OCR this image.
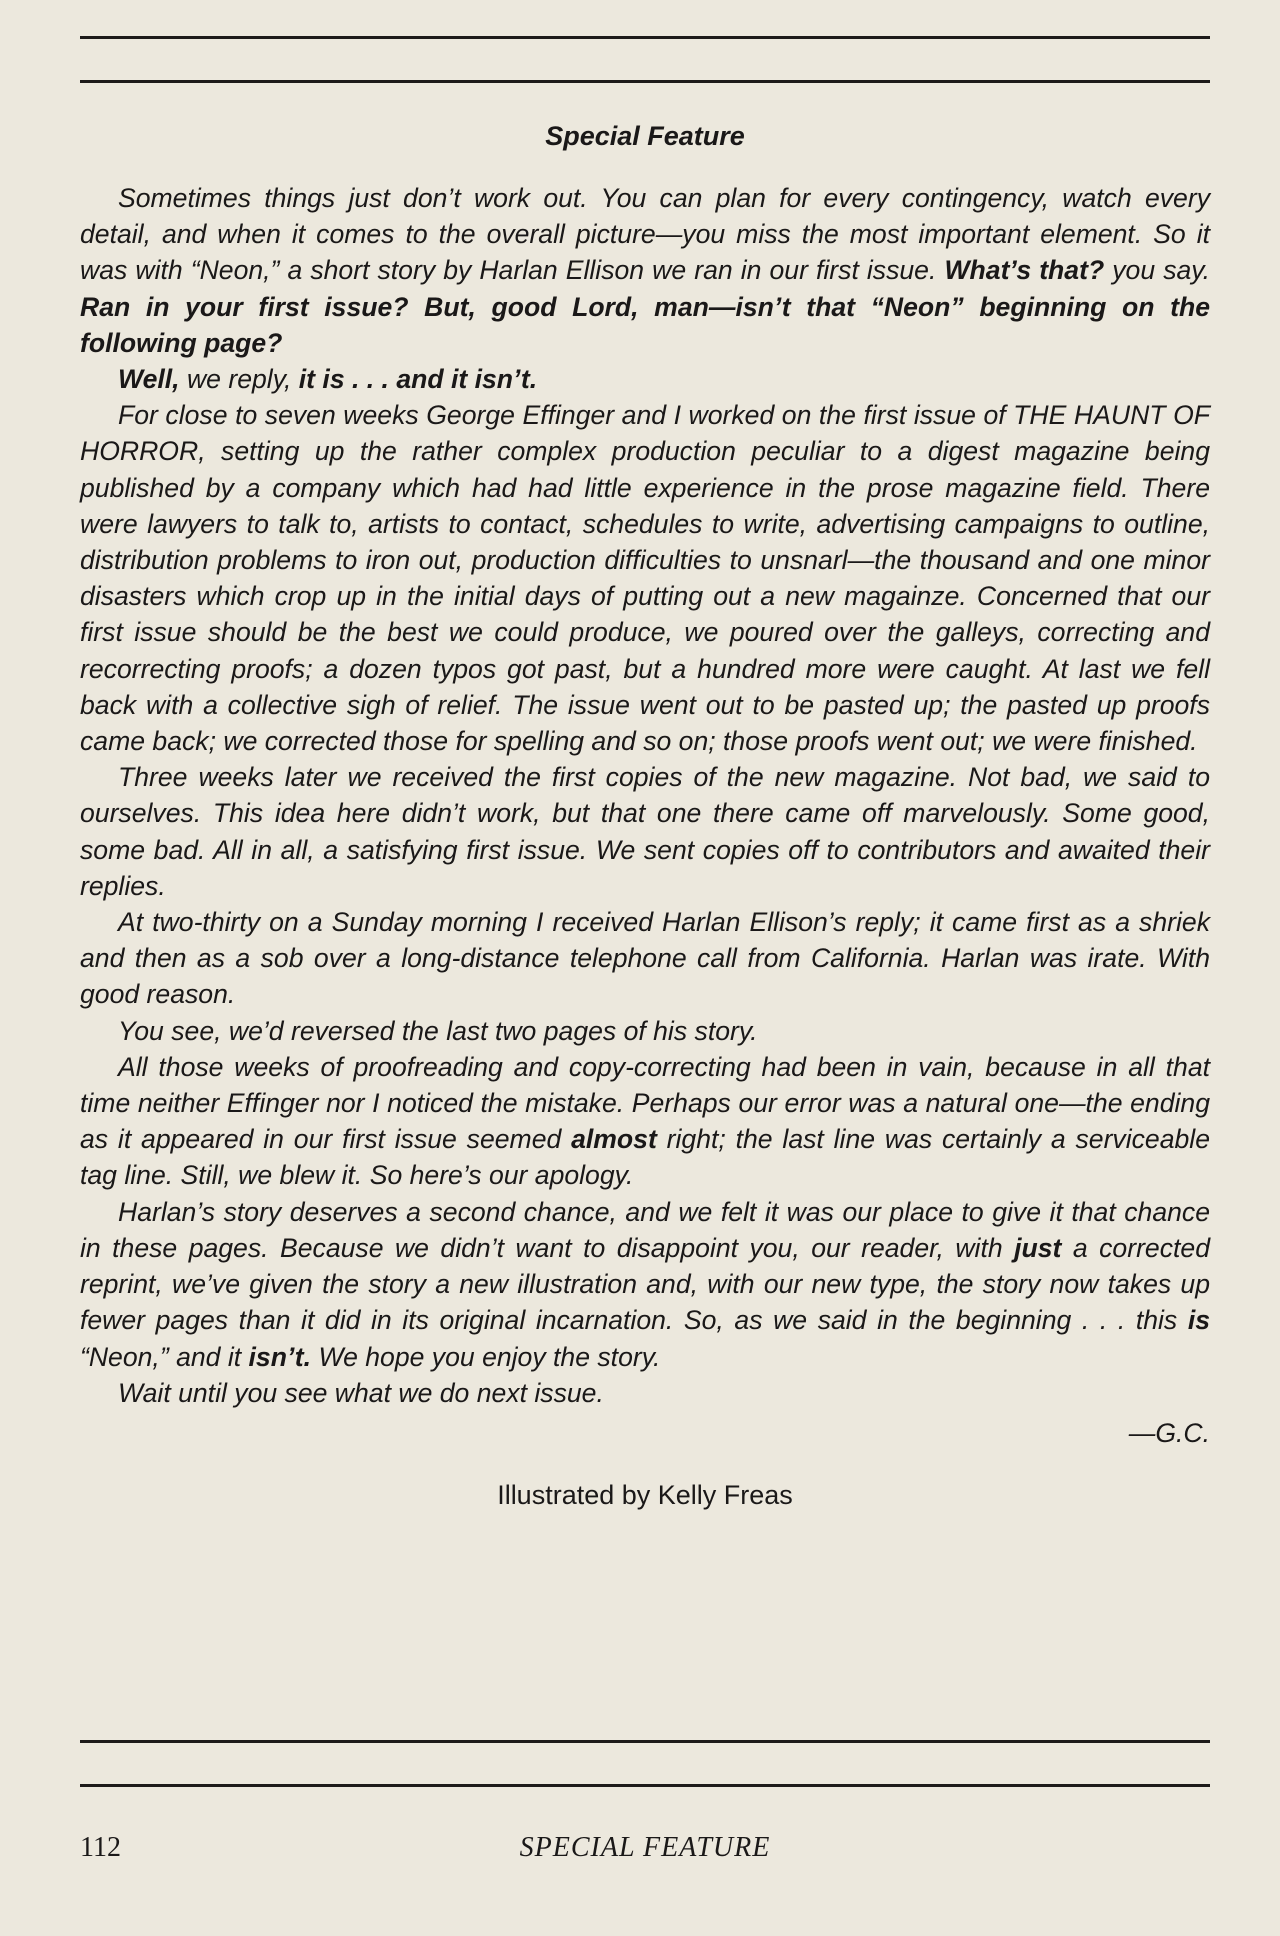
Special Feature

Sometimes things just don’t work out. You can plan for every contingency, watch every detail, and when it comes to the overall picture—you miss the most important element. So it was with “Neon,” a short story by Harlan Ellison we ran in our first issue. What’s that? you say. Ran in your first issue? But, good Lord, man—isn’t that “Neon” beginning on the following page?

Well, we reply, it is . . . and it isn’t.

For close to seven weeks George Effinger and I worked on the first issue of THE HAUNT OF HORROR, setting up the rather complex production peculiar to a digest magazine being published by a company which had had little experience in the prose magazine field. There were lawyers to talk to, artists to contact, schedules to write, advertising campaigns to outline, distribution problems to iron out, production difficulties to unsnarl—the thousand and one minor disasters which crop up in the initial days of putting out a new magainze. Concerned that our first issue should be the best we could produce, we poured over the galleys, correcting and recorrecting proofs; a dozen typos got past, but a hundred more were caught. At last we fell back with a collective sigh of relief. The issue went out to be pasted up; the pasted up proofs came back; we corrected those for spelling and so on; those proofs went out; we were finished.

Three weeks later we received the first copies of the new magazine. Not bad, we said to ourselves. This idea here didn’t work, but that one there came off marvelously. Some good, some bad. All in all, a satisfying first issue. We sent copies off to contributors and awaited their replies.

At two-thirty on a Sunday morning I received Harlan Ellison’s reply; it came first as a shriek and then as a sob over a long-distance telephone call from California. Harlan was irate. With good reason.

You see, we’d reversed the last two pages of his story.

All those weeks of proofreading and copy-correcting had been in vain, because in all that time neither Effinger nor I noticed the mistake. Perhaps our error was a natural one—the ending as it appeared in our first issue seemed almost right; the last line was certainly a serviceable tag line. Still, we blew it. So here’s our apology.

Harlan’s story deserves a second chance, and we felt it was our place to give it that chance in these pages. Because we didn’t want to disappoint you, our reader, with just a corrected reprint, we’ve given the story a new illustration and, with our new type, the story now takes up fewer pages than it did in its original incarnation. So, as we said in the beginning . . . this is “Neon,” and it isn’t. We hope you enjoy the story.

Wait until you see what we do next issue.

—G.C.
Illustrated by Kelly Freas
112	SPECIAL FEATURE
